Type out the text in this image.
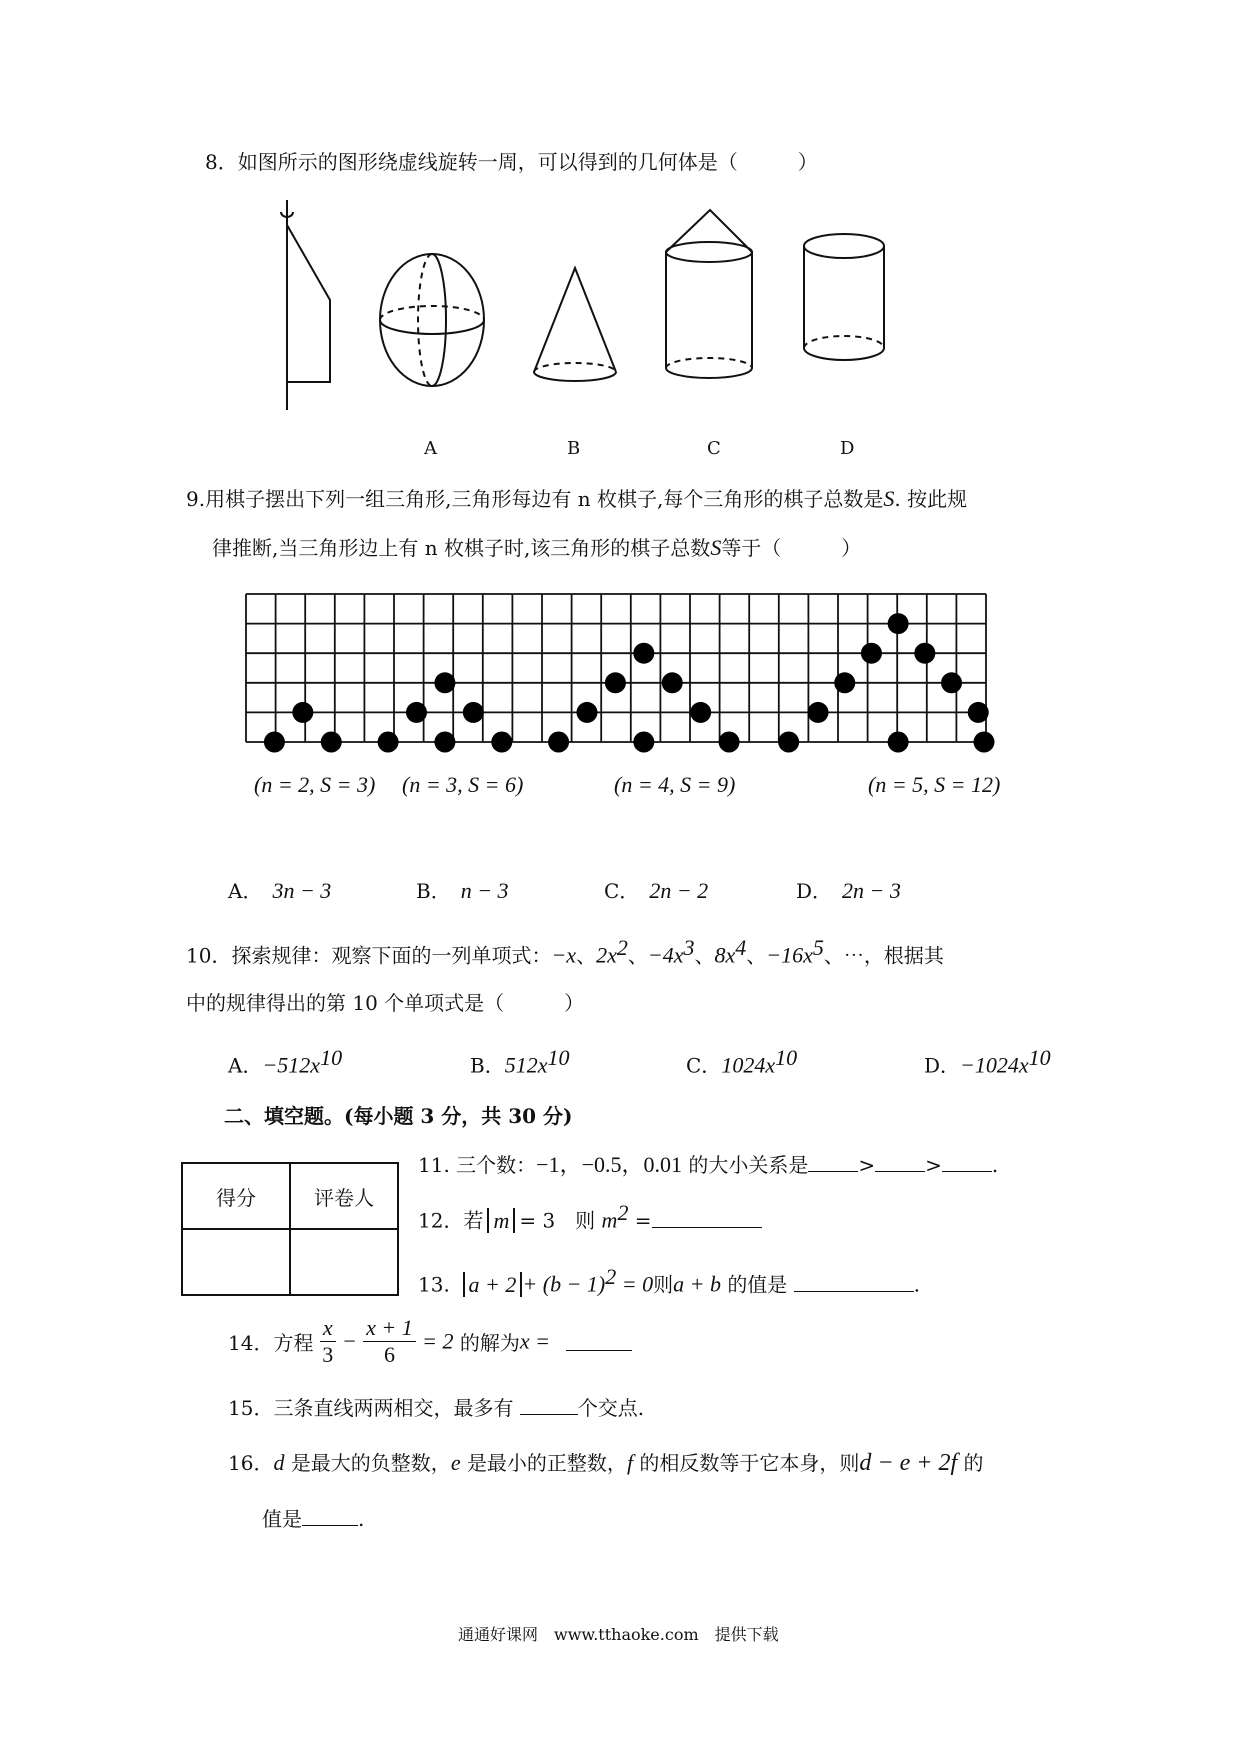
8．如图所示的图形绕虚线旋转一周，可以得到的几何体是（　　　）
A	B	C	D
9.用棋子摆出下列一组三角形,三角形每边有 n 枚棋子,每个三角形的棋子总数是S. 按此规
律推断,当三角形边上有 n 枚棋子时,该三角形的棋子总数S等于（　　　）
(n = 2, S = 3) (n = 3, S = 6)	(n = 4, S = 9)	(n = 5, S = 12)
A． 3n − 3	B． n − 3	C． 2n − 2	D． 2n − 3
10．探索规律：观察下面的一列单项式：−x、$2x^2$、$-4x^3$、$8x^4$、$-16x^5$、⋯，根据其
中的规律得出的第 10 个单项式是（　　　）
A．$-512x^{10}$	B．$512x^{10}$	C．$1024x^{10}$	D．$-1024x^{10}$
二、填空题。(每小题 3 分，共 30 分)
得分	评卷人

11. 三个数：−1，−0.5，0.01 的大小关系是	>	>	.
12．若 m = 3　则 $m^2$ =
13. $a + 2 + (b - 1)^2 = 0$则a + b 的值是	.
14．方程 $\frac{x}{3} - \frac{x + 1}{6} = 2$ 的解为x =
15．三条直线两两相交，最多有	个交点.
16．d 是最大的负整数，e 是最小的正整数，f 的相反数等于它本身，则d − e + 2f 的
值是	.
通通好课网　www.tthaoke.com　提供下载
